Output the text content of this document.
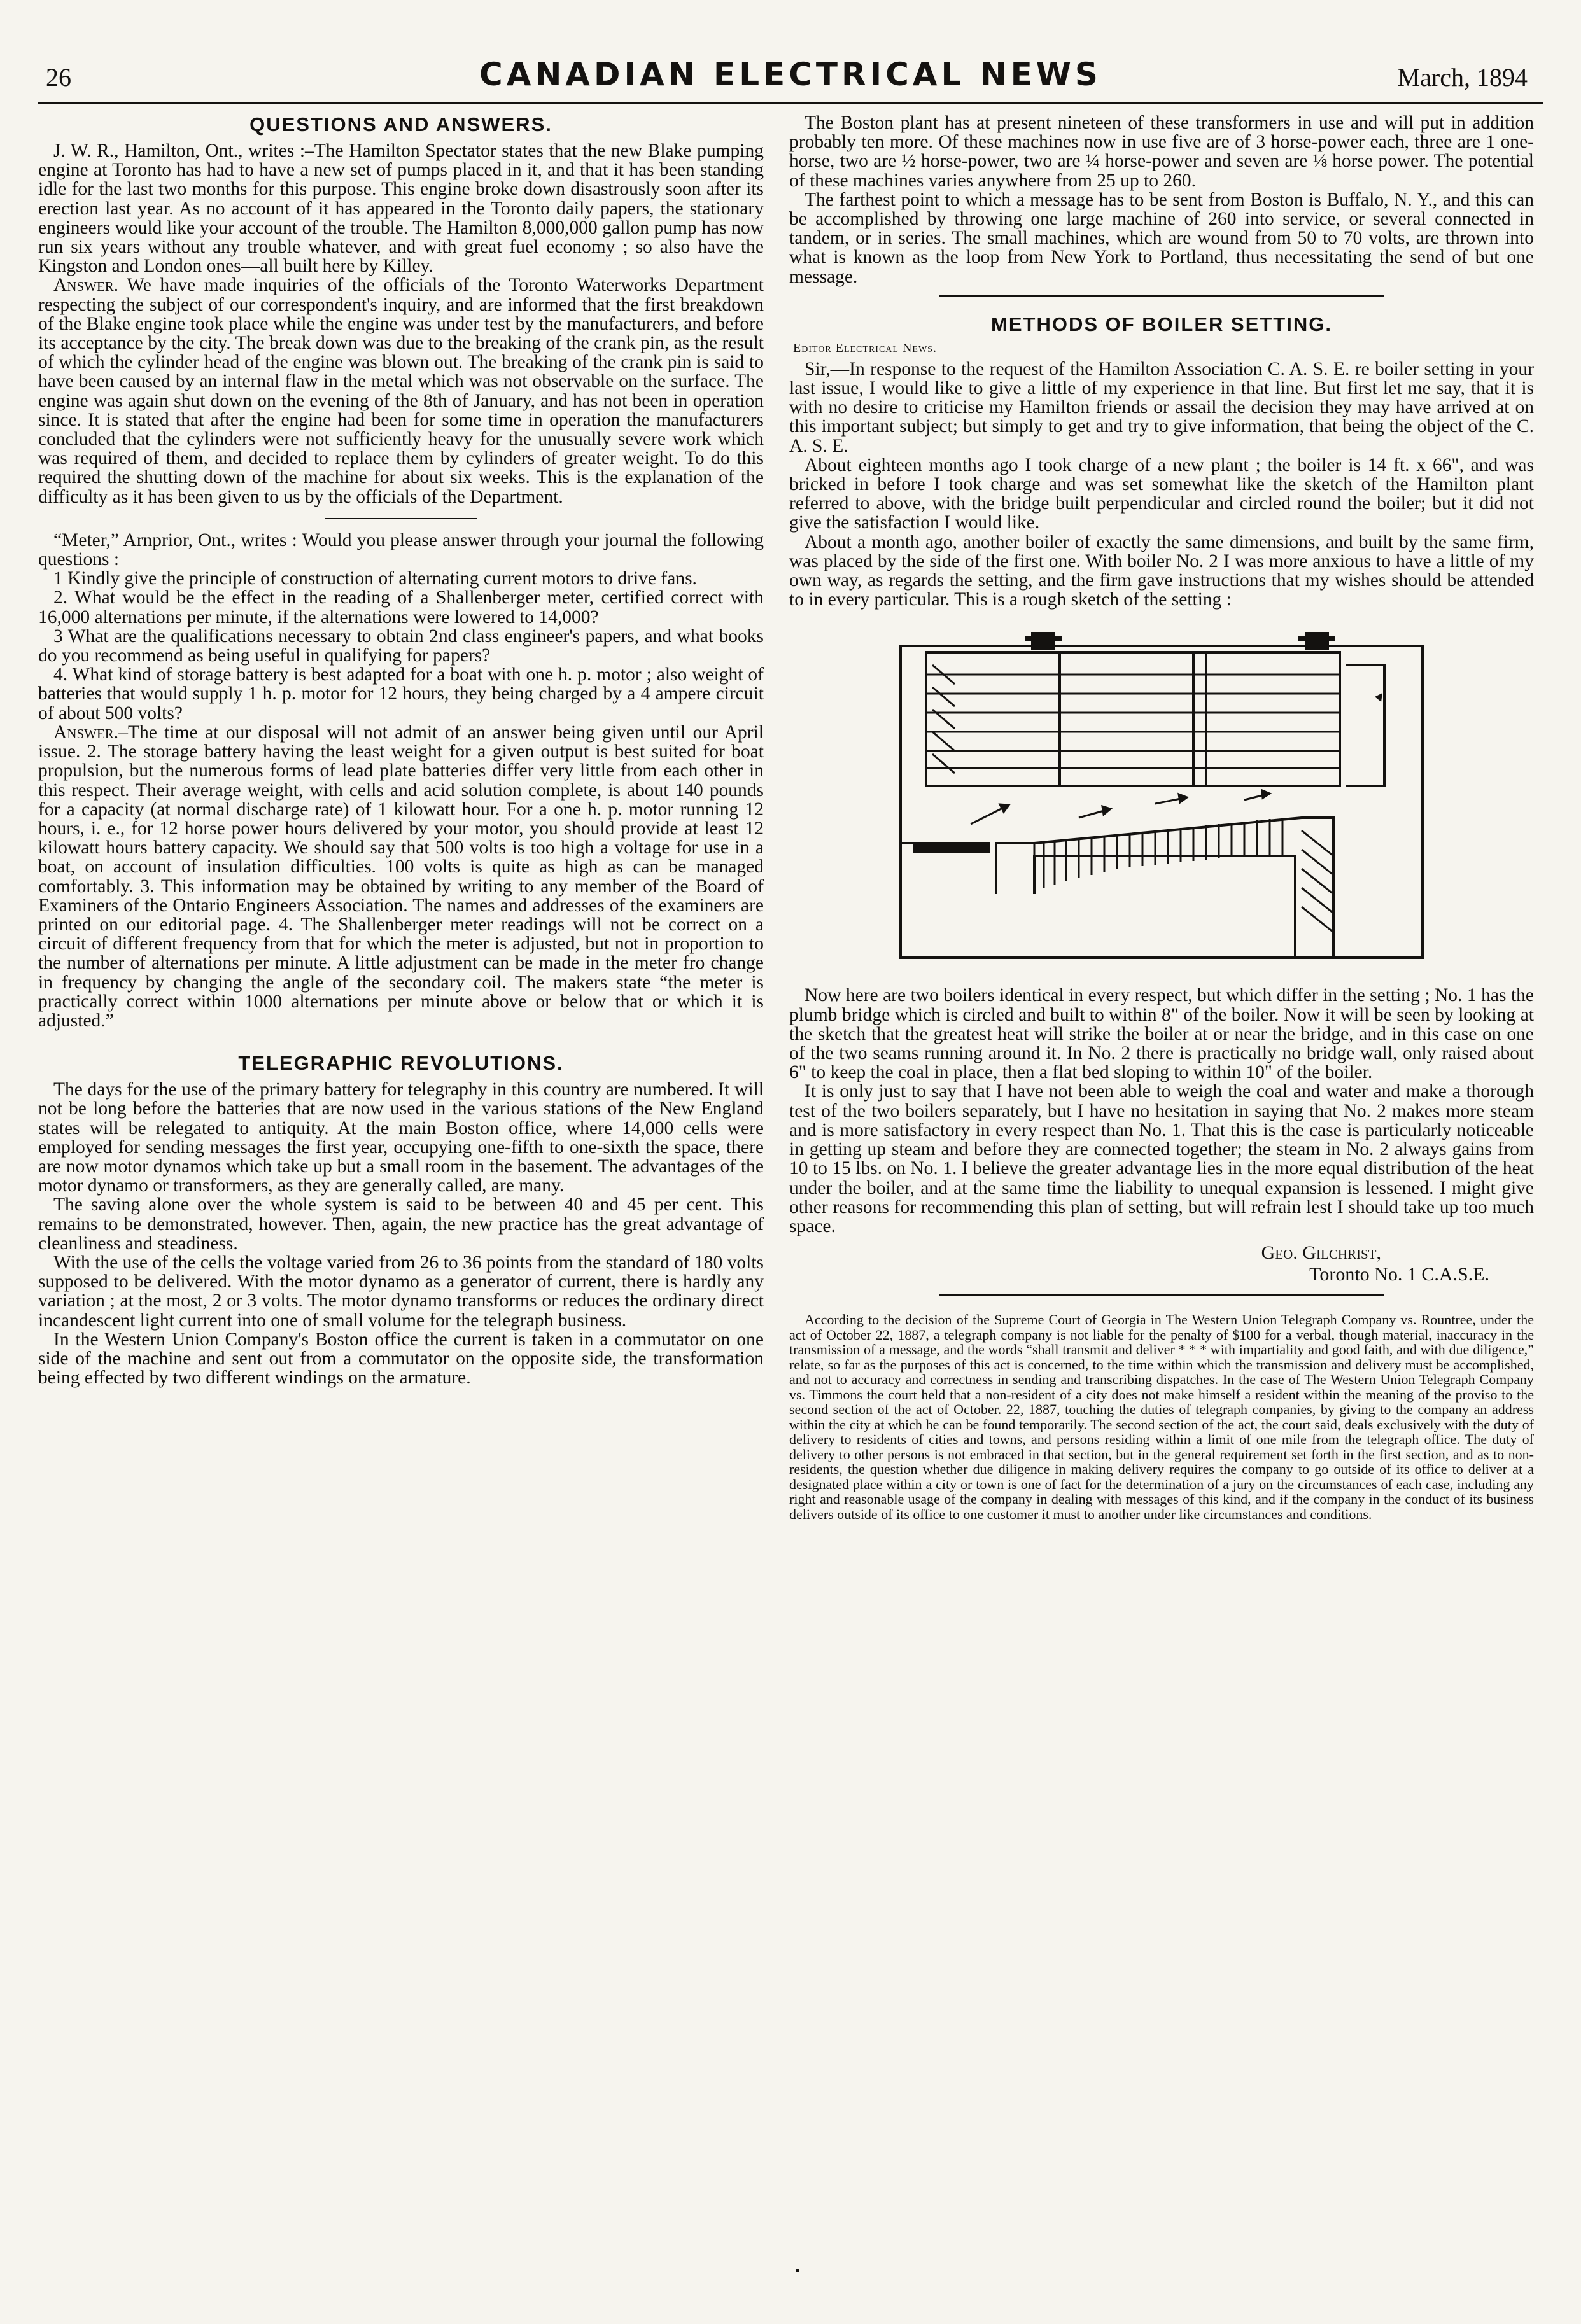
26	CANADIAN ELECTRICAL NEWS	March, 1894
QUESTIONS AND ANSWERS.

J. W. R., Hamilton, Ont., writes :–The Hamilton Spectator states that the new Blake pumping engine at Toronto has had to have a new set of pumps placed in it, and that it has been standing idle for the last two months for this purpose. This engine broke down disastrously soon after its erection last year. As no account of it has appeared in the Toronto daily papers, the stationary engineers would like your account of the trouble. The Hamilton 8,000,000 gallon pump has now run six years without any trouble whatever, and with great fuel economy ; so also have the Kingston and London ones—all built here by Killey.

Answer. We have made inquiries of the officials of the Toronto Waterworks Department respecting the subject of our correspondent's inquiry, and are informed that the first breakdown of the Blake engine took place while the engine was under test by the manufacturers, and before its acceptance by the city. The break down was due to the breaking of the crank pin, as the result of which the cylinder head of the engine was blown out. The breaking of the crank pin is said to have been caused by an internal flaw in the metal which was not observable on the surface. The engine was again shut down on the evening of the 8th of January, and has not been in operation since. It is stated that after the engine had been for some time in operation the manufacturers concluded that the cylinders were not sufficiently heavy for the unusually severe work which was required of them, and decided to replace them by cylinders of greater weight. To do this required the shutting down of the machine for about six weeks. This is the explanation of the difficulty as it has been given to us by the officials of the Department.

“Meter,” Arnprior, Ont., writes : Would you please answer through your journal the following questions :

1 Kindly give the principle of construction of alternating current motors to drive fans.

2. What would be the effect in the reading of a Shallenberger meter, certified correct with 16,000 alternations per minute, if the alternations were lowered to 14,000?

3 What are the qualifications necessary to obtain 2nd class engineer's papers, and what books do you recommend as being useful in qualifying for papers?

4. What kind of storage battery is best adapted for a boat with one h. p. motor ; also weight of batteries that would supply 1 h. p. motor for 12 hours, they being charged by a 4 ampere circuit of about 500 volts?

Answer.–The time at our disposal will not admit of an answer being given until our April issue. 2. The storage battery having the least weight for a given output is best suited for boat propulsion, but the numerous forms of lead plate batteries differ very little from each other in this respect. Their average weight, with cells and acid solution complete, is about 140 pounds for a capacity (at normal discharge rate) of 1 kilowatt hour. For a one h. p. motor running 12 hours, i. e., for 12 horse power hours delivered by your motor, you should provide at least 12 kilowatt hours battery capacity. We should say that 500 volts is too high a voltage for use in a boat, on account of insulation difficulties. 100 volts is quite as high as can be managed comfortably. 3. This information may be obtained by writing to any member of the Board of Examiners of the Ontario Engineers Association. The names and addresses of the examiners are printed on our editorial page. 4. The Shallenberger meter readings will not be correct on a circuit of different frequency from that for which the meter is adjusted, but not in proportion to the number of alternations per minute. A little adjustment can be made in the meter fro change in frequency by changing the angle of the secondary coil. The makers state “the meter is practically correct within 1000 alternations per minute above or below that or which it is adjusted.”

TELEGRAPHIC REVOLUTIONS.

The days for the use of the primary battery for telegraphy in this country are numbered. It will not be long before the batteries that are now used in the various stations of the New England states will be relegated to antiquity. At the main Boston office, where 14,000 cells were employed for sending messages the first year, occupying one-fifth to one-sixth the space, there are now motor dynamos which take up but a small room in the basement. The advantages of the motor dynamo or transformers, as they are generally called, are many.

The saving alone over the whole system is said to be between 40 and 45 per cent. This remains to be demonstrated, however. Then, again, the new practice has the great advantage of cleanliness and steadiness.

With the use of the cells the voltage varied from 26 to 36 points from the standard of 180 volts supposed to be delivered. With the motor dynamo as a generator of current, there is hardly any variation ; at the most, 2 or 3 volts. The motor dynamo transforms or reduces the ordinary direct incandescent light current into one of small volume for the telegraph business.

In the Western Union Company's Boston office the current is taken in a commutator on one side of the machine and sent out from a commutator on the opposite side, the transformation being effected by two different windings on the armature.

The Boston plant has at present nineteen of these transformers in use and will put in addition probably ten more. Of these machines now in use five are of 3 horse-power each, three are 1 one-horse, two are ½ horse-power, two are ¼ horse-power and seven are ⅛ horse power. The potential of these machines varies anywhere from 25 up to 260.

The farthest point to which a message has to be sent from Boston is Buffalo, N. Y., and this can be accomplished by throwing one large machine of 260 into service, or several connected in tandem, or in series. The small machines, which are wound from 50 to 70 volts, are thrown into what is known as the loop from New York to Portland, thus necessitating the send of but one message.

METHODS OF BOILER SETTING.
Editor Electrical News.

Sir,—In response to the request of the Hamilton Association C. A. S. E. re boiler setting in your last issue, I would like to give a little of my experience in that line. But first let me say, that it is with no desire to criticise my Hamilton friends or assail the decision they may have arrived at on this important subject; but simply to get and try to give information, that being the object of the C. A. S. E.

About eighteen months ago I took charge of a new plant ; the boiler is 14 ft. x 66", and was bricked in before I took charge and was set somewhat like the sketch of the Hamilton plant referred to above, with the bridge built perpendicular and circled round the boiler; but it did not give the satisfaction I would like.

About a month ago, another boiler of exactly the same dimensions, and built by the same firm, was placed by the side of the first one. With boiler No. 2 I was more anxious to have a little of my own way, as regards the setting, and the firm gave instructions that my wishes should be attended to in every particular. This is a rough sketch of the setting :

Now here are two boilers identical in every respect, but which differ in the setting ; No. 1 has the plumb bridge which is circled and built to within 8" of the boiler. Now it will be seen by looking at the sketch that the greatest heat will strike the boiler at or near the bridge, and in this case on one of the two seams running around it. In No. 2 there is practically no bridge wall, only raised about 6" to keep the coal in place, then a flat bed sloping to within 10" of the boiler.

It is only just to say that I have not been able to weigh the coal and water and make a thorough test of the two boilers separately, but I have no hesitation in saying that No. 2 makes more steam and is more satisfactory in every respect than No. 1. That this is the case is particularly noticeable in getting up steam and before they are connected together; the steam in No. 2 always gains from 10 to 15 lbs. on No. 1. I believe the greater advantage lies in the more equal distribution of the heat under the boiler, and at the same time the liability to unequal expansion is lessened. I might give other reasons for recommending this plan of setting, but will refrain lest I should take up too much space.

Geo. Gilchrist,
Toronto No. 1 C.A.S.E.

According to the decision of the Supreme Court of Georgia in The Western Union Telegraph Company vs. Rountree, under the act of October 22, 1887, a telegraph company is not liable for the penalty of $100 for a verbal, though material, inaccuracy in the transmission of a message, and the words “shall transmit and deliver * * * with impartiality and good faith, and with due diligence,” relate, so far as the purposes of this act is concerned, to the time within which the transmission and delivery must be accomplished, and not to accuracy and correctness in sending and transcribing dispatches. In the case of The Western Union Telegraph Company vs. Timmons the court held that a non-resident of a city does not make himself a resident within the meaning of the proviso to the second section of the act of October. 22, 1887, touching the duties of telegraph companies, by giving to the company an address within the city at which he can be found temporarily. The second section of the act, the court said, deals exclusively with the duty of delivery to residents of cities and towns, and persons residing within a limit of one mile from the telegraph office. The duty of delivery to other persons is not embraced in that section, but in the general requirement set forth in the first section, and as to non-residents, the question whether due diligence in making delivery requires the company to go outside of its office to deliver at a designated place within a city or town is one of fact for the determination of a jury on the circumstances of each case, including any right and reasonable usage of the company in dealing with messages of this kind, and if the company in the conduct of its business delivers outside of its office to one customer it must to another under like circumstances and conditions.
